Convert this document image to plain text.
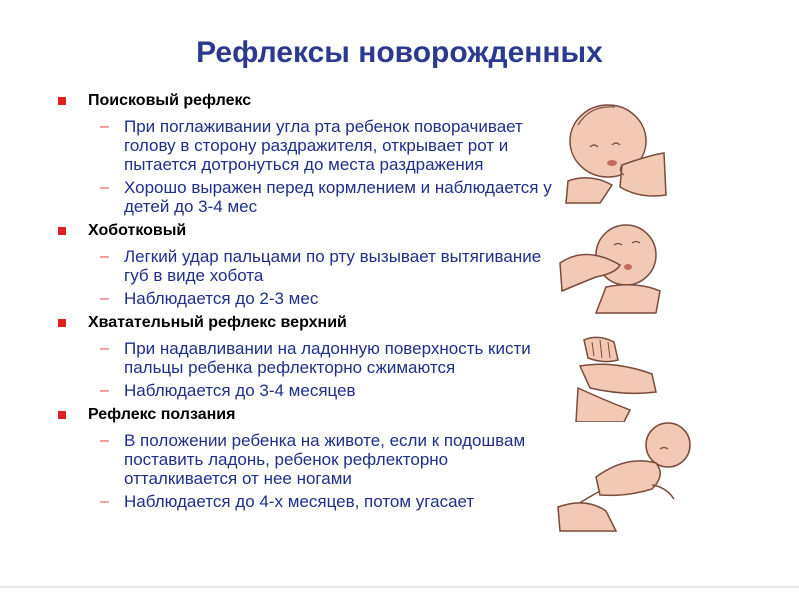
Рефлексы новорожденных
Поисковый рефлекс
– При поглаживании угла рта ребенок поворачивает голову в сторону раздражителя, открывает рот и пытается дотронуться до места раздражения
– Хорошо выражен перед кормлением и наблюдается у детей до 3-4 мес
Хоботковый
– Легкий удар пальцами по рту вызывает вытягивание губ в виде хобота
– Наблюдается до 2-3 мес
Хватательный рефлекс верхний
– При надавливании на ладонную поверхность кисти пальцы ребенка рефлекторно сжимаются
– Наблюдается до 3-4 месяцев
Рефлекс ползания
– В положении ребенка на животе, если к подошвам поставить ладонь, ребенок рефлекторно отталкивается от нее ногами
– Наблюдается до 4-х месяцев, потом угасает
